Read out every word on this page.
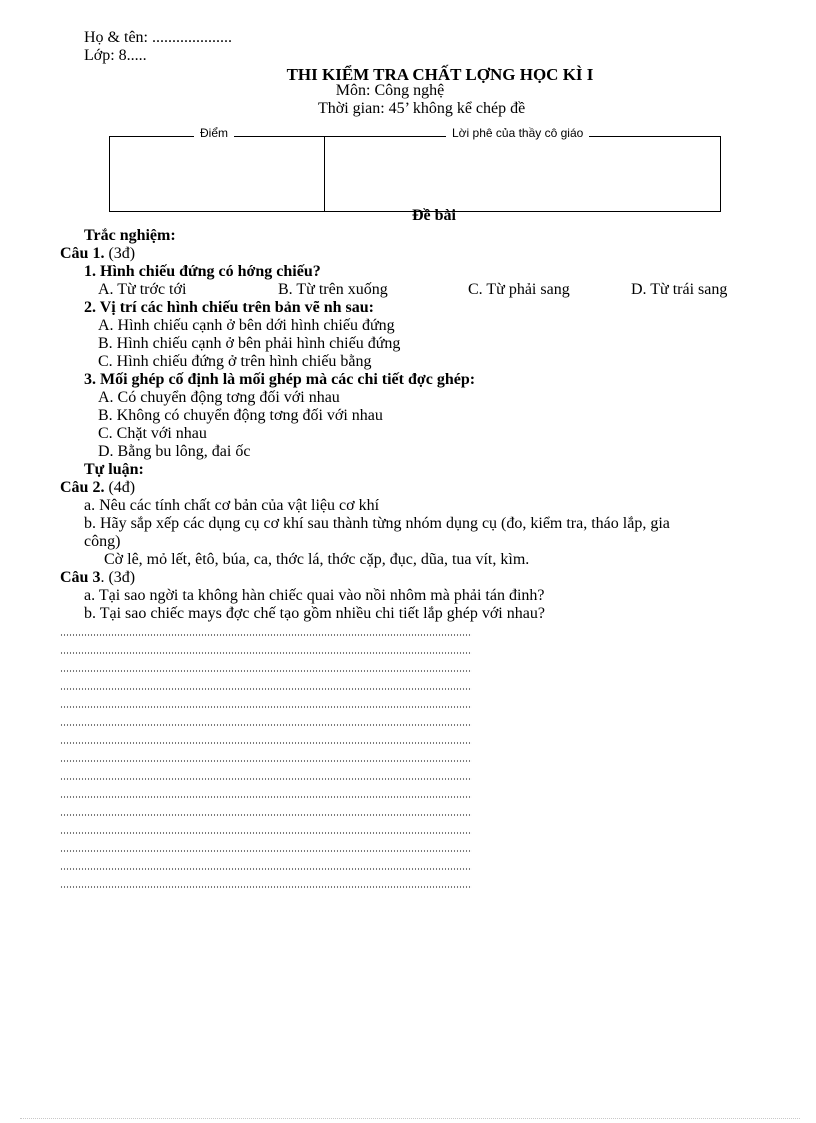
Họ & tên: ....................
Lớp: 8.....
THI KIỂM TRA CHẤT LỢNG HỌC KÌ I
Môn: Công nghệ
Thời gian: 45’ không kể chép đề
Điểm	Lời phê của thầy cô giáo
Đề bài
Trắc nghiệm:
Câu 1. (3đ)
1. Hình chiếu đứng có hớng chiếu?
A. Từ trớc tới	B. Từ trên xuống	C. Từ phải sang	D. Từ trái sang
2. Vị trí các hình chiếu trên bản vẽ nh sau:
A. Hình chiếu cạnh ở bên dới hình chiếu đứng
B. Hình chiếu cạnh ở bên phải hình chiếu đứng
C. Hình chiếu đứng ở trên hình chiếu bằng
3. Mối ghép cố định là mối ghép mà các chi tiết đợc ghép:
A. Có chuyển động tơng đối với nhau
B. Không có chuyển động tơng đối với nhau
C. Chặt với nhau
D. Bằng bu lông, đai ốc
Tự luận:
Câu 2. (4đ)
a. Nêu các tính chất cơ bản của vật liệu cơ khí
b. Hãy sắp xếp các dụng cụ cơ khí sau thành từng nhóm dụng cụ (đo, kiểm tra, tháo lắp, gia
công)
Cờ lê, mỏ lết, êtô, búa, ca, thớc lá, thớc cặp, đục, dũa, tua vít, kìm.
Câu 3. (3đ)
a. Tại sao ngời ta không hàn chiếc quai vào nồi nhôm mà phải tán đinh?
b. Tại sao chiếc mays đợc chế tạo gồm nhiều chi tiết lắp ghép với nhau?
